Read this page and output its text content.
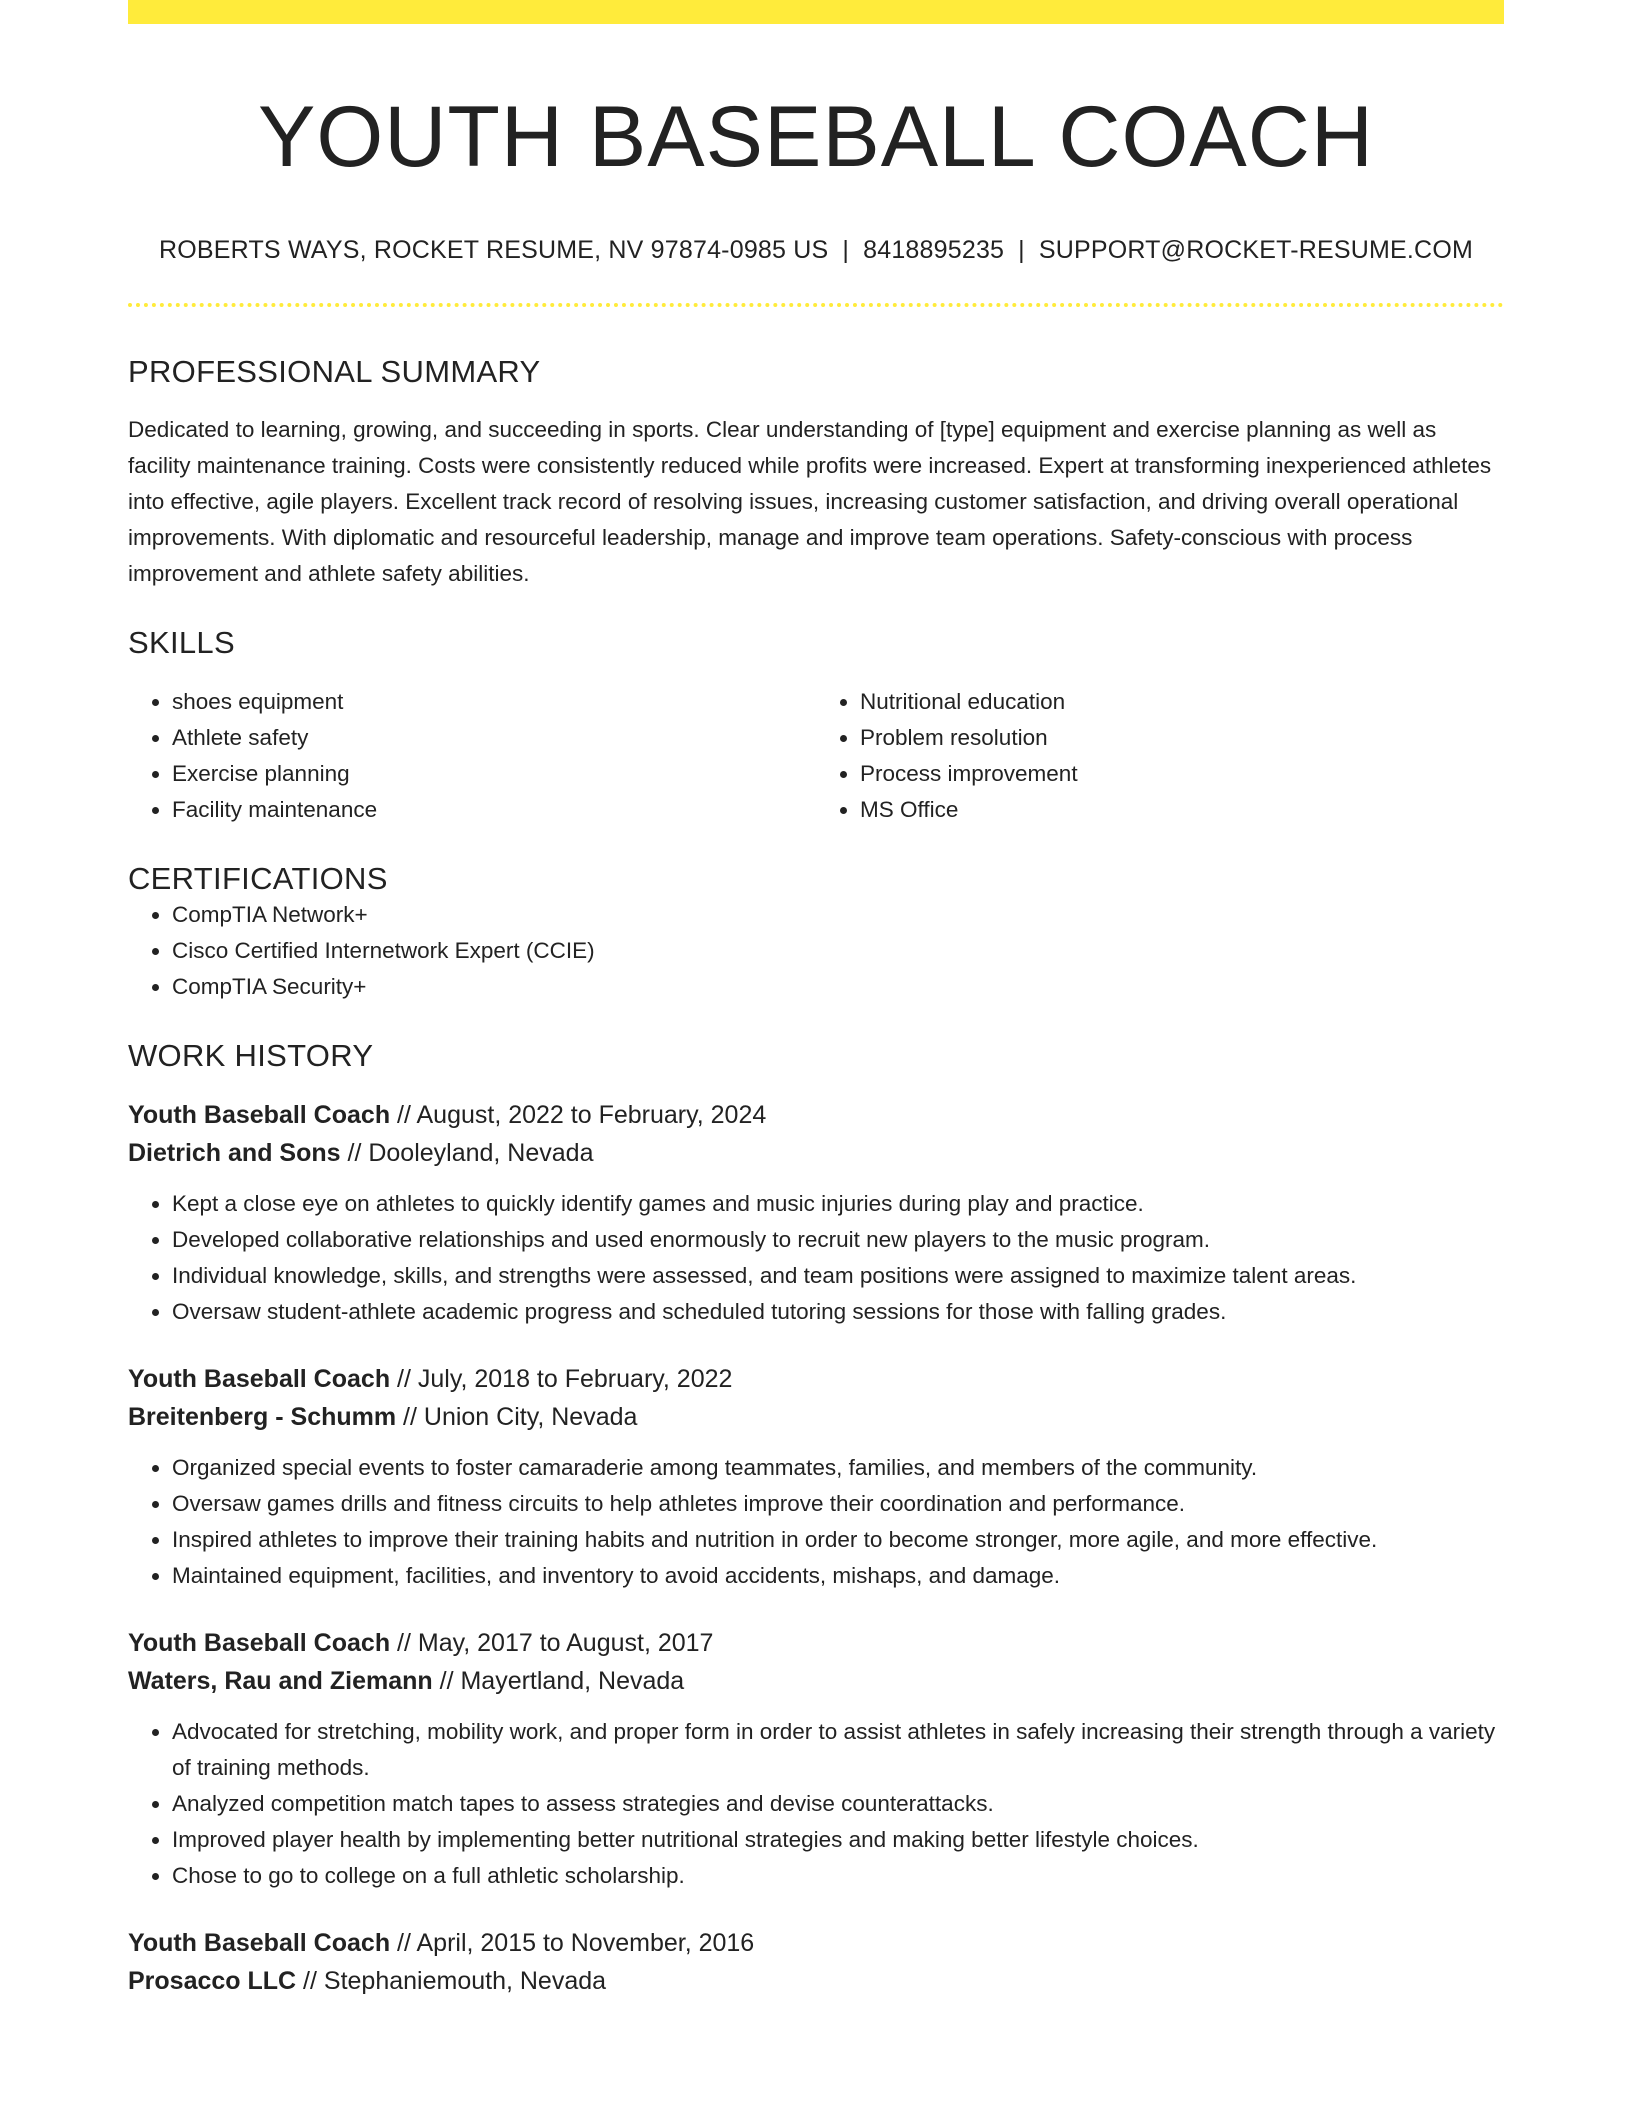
YOUTH BASEBALL COACH
ROBERTS WAYS, ROCKET RESUME, NV 97874-0985 US | 8418895235 | SUPPORT@ROCKET-RESUME.COM
PROFESSIONAL SUMMARY

Dedicated to learning, growing, and succeeding in sports. Clear understanding of [type] equipment and exercise planning as well as facility maintenance training. Costs were consistently reduced while profits were increased. Expert at transforming inexperienced athletes into effective, agile players. Excellent track record of resolving issues, increasing customer satisfaction, and driving overall operational improvements. With diplomatic and resourceful leadership, manage and improve team operations. Safety-conscious with process improvement and athlete safety abilities.

SKILLS
• shoes equipment
• Athlete safety
• Exercise planning
• Facility maintenance
• Nutritional education
• Problem resolution
• Process improvement
• MS Office
CERTIFICATIONS
• CompTIA Network+
• Cisco Certified Internetwork Expert (CCIE)
• CompTIA Security+
WORK HISTORY
Youth Baseball Coach // August, 2022 to February, 2024
Dietrich and Sons // Dooleyland, Nevada
• Kept a close eye on athletes to quickly identify games and music injuries during play and practice.
• Developed collaborative relationships and used enormously to recruit new players to the music program.
• Individual knowledge, skills, and strengths were assessed, and team positions were assigned to maximize talent areas.
• Oversaw student-athlete academic progress and scheduled tutoring sessions for those with falling grades.
Youth Baseball Coach // July, 2018 to February, 2022
Breitenberg - Schumm // Union City, Nevada
• Organized special events to foster camaraderie among teammates, families, and members of the community.
• Oversaw games drills and fitness circuits to help athletes improve their coordination and performance.
• Inspired athletes to improve their training habits and nutrition in order to become stronger, more agile, and more effective.
• Maintained equipment, facilities, and inventory to avoid accidents, mishaps, and damage.
Youth Baseball Coach // May, 2017 to August, 2017
Waters, Rau and Ziemann // Mayertland, Nevada
• Advocated for stretching, mobility work, and proper form in order to assist athletes in safely increasing their strength through a variety of training methods.
• Analyzed competition match tapes to assess strategies and devise counterattacks.
• Improved player health by implementing better nutritional strategies and making better lifestyle choices.
• Chose to go to college on a full athletic scholarship.
Youth Baseball Coach // April, 2015 to November, 2016
Prosacco LLC // Stephaniemouth, Nevada
